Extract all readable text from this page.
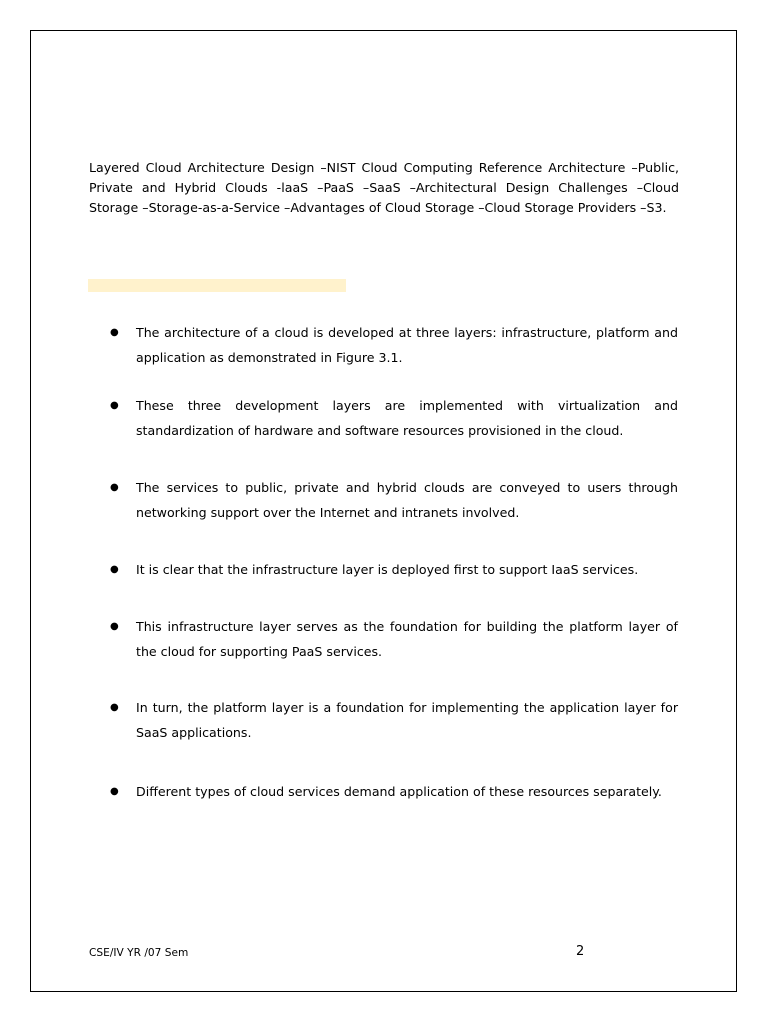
Layered Cloud Architecture Design –NIST Cloud Computing Reference Architecture –Public, Private and Hybrid Clouds -laaS –PaaS –SaaS –Architectural Design Challenges –Cloud Storage –Storage-as-a-Service –Advantages of Cloud Storage –Cloud Storage Providers –S3.

●	The architecture of a cloud is developed at three layers: infrastructure, platform and application as demonstrated in Figure 3.1.
●	These three development layers are implemented with virtualization and standardization of hardware and software resources provisioned in the cloud.
●	The services to public, private and hybrid clouds are conveyed to users through networking support over the Internet and intranets involved.
●	It is clear that the infrastructure layer is deployed first to support IaaS services.
●	This infrastructure layer serves as the foundation for building the platform layer of the cloud for supporting PaaS services.
●	In turn, the platform layer is a foundation for implementing the application layer for SaaS applications.
●	Different types of cloud services demand application of these resources separately.
CSE/IV YR /07 Sem	2
